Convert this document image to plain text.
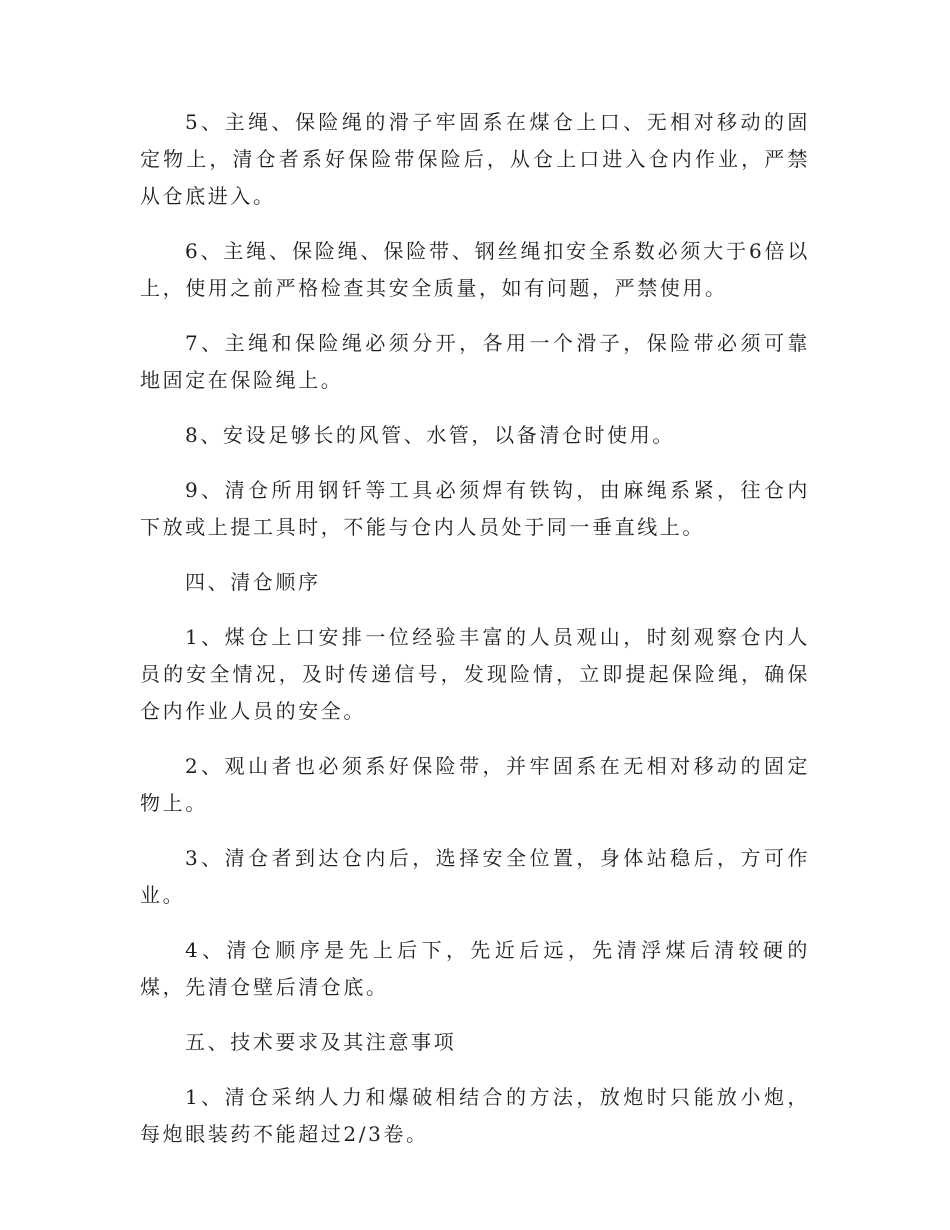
5、主绳、保险绳的滑子牢固系在煤仓上口、无相对移动的固定物上，清仓者系好保险带保险后，从仓上口进入仓内作业，严禁从仓底进入。

6、主绳、保险绳、保险带、钢丝绳扣安全系数必须大于6倍以上，使用之前严格检查其安全质量，如有问题，严禁使用。

7、主绳和保险绳必须分开，各用一个滑子，保险带必须可靠地固定在保险绳上。

8、安设足够长的风管、水管，以备清仓时使用。

9、清仓所用钢钎等工具必须焊有铁钩，由麻绳系紧，往仓内下放或上提工具时，不能与仓内人员处于同一垂直线上。

四、清仓顺序

1、煤仓上口安排一位经验丰富的人员观山，时刻观察仓内人员的安全情况，及时传递信号，发现险情，立即提起保险绳，确保仓内作业人员的安全。

2、观山者也必须系好保险带，并牢固系在无相对移动的固定物上。

3、清仓者到达仓内后，选择安全位置，身体站稳后，方可作业。

4、清仓顺序是先上后下，先近后远，先清浮煤后清较硬的煤，先清仓壁后清仓底。

五、技术要求及其注意事项

1、清仓采纳人力和爆破相结合的方法，放炮时只能放小炮，每炮眼装药不能超过2/3卷。
